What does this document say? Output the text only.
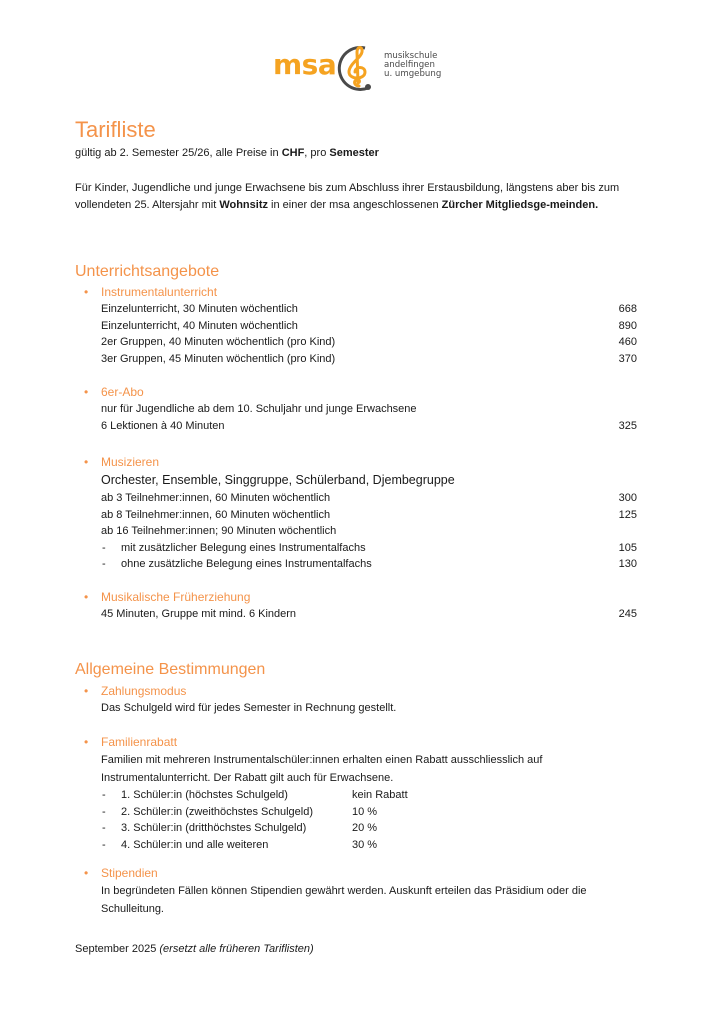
msa	musikschule
andelfingen
u. umgebung
Tarifliste
gültig ab 2. Semester 25/26, alle Preise in CHF, pro Semester
Für Kinder, Jugendliche und junge Erwachsene bis zum Abschluss ihrer Erstausbildung, längstens aber bis zum vollendeten 25. Altersjahr mit Wohnsitz in einer der msa angeschlossenen Zürcher Mitgliedsge-meinden.
Unterrichtsangebote
• Instrumentalunterricht
Einzelunterricht, 30 Minuten wöchentlich	668
Einzelunterricht, 40 Minuten wöchentlich	890
2er Gruppen, 40 Minuten wöchentlich (pro Kind)	460
3er Gruppen, 45 Minuten wöchentlich (pro Kind)	370
• 6er-Abo
nur für Jugendliche ab dem 10. Schuljahr und junge Erwachsene
6 Lektionen à 40 Minuten	325
• Musizieren
Orchester, Ensemble, Singgruppe, Schülerband, Djembegruppe
ab 3 Teilnehmer:innen, 60 Minuten wöchentlich	300
ab 8 Teilnehmer:innen, 60 Minuten wöchentlich	125
ab 16 Teilnehmer:innen; 90 Minuten wöchentlich
- mit zusätzlicher Belegung eines Instrumentalfachs	105
- ohne zusätzliche Belegung eines Instrumentalfachs	130
• Musikalische Früherziehung
45 Minuten, Gruppe mit mind. 6 Kindern	245
Allgemeine Bestimmungen
• Zahlungsmodus
Das Schulgeld wird für jedes Semester in Rechnung gestellt.
• Familienrabatt
Familien mit mehreren Instrumentalschüler:innen erhalten einen Rabatt ausschliesslich auf Instrumentalunterricht. Der Rabatt gilt auch für Erwachsene.
- 1. Schüler:in (höchstes Schulgeld)	kein Rabatt
- 2. Schüler:in (zweithöchstes Schulgeld)	10 %
- 3. Schüler:in (dritthöchstes Schulgeld)	20 %
- 4. Schüler:in und alle weiteren	30 %
• Stipendien
In begründeten Fällen können Stipendien gewährt werden. Auskunft erteilen das Präsidium oder die Schulleitung.
September 2025 (ersetzt alle früheren Tariflisten)
